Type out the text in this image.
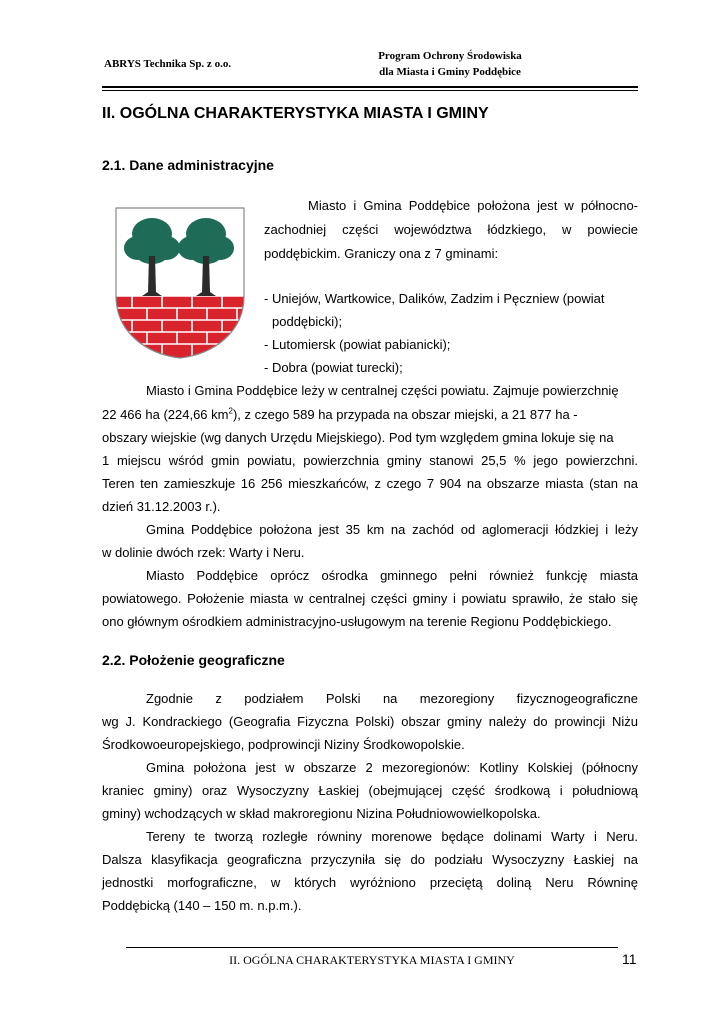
ABRYS Technika Sp. z o.o.
Program Ochrony Środowiska
dla Miasta i Gminy Poddębice
II. OGÓLNA CHARAKTERYSTYKA MIASTA I GMINY
2.1. Dane administracyjne
Miasto i Gmina Poddębice położona jest w północno-
zachodniej części województwa łódzkiego, w powiecie
poddębickim. Graniczy ona z 7 gminami:
- Uniejów, Wartkowice, Dalików, Zadzim i Pęczniew (powiat
poddębicki);
- Lutomiersk (powiat pabianicki);
- Dobra (powiat turecki);
Miasto i Gmina Poddębice leży w centralnej części powiatu. Zajmuje powierzchnię
22 466 ha (224,66 $km^2$), z czego 589 ha przypada na obszar miejski, a 21 877 ha -
obszary wiejskie (wg danych Urzędu Miejskiego). Pod tym względem gmina lokuje się na
1 miejscu wśród gmin powiatu, powierzchnia gminy stanowi 25,5 % jego powierzchni.
Teren ten zamieszkuje 16 256 mieszkańców, z czego 7 904 na obszarze miasta (stan na
dzień 31.12.2003 r.).
Gmina Poddębice położona jest 35 km na zachód od aglomeracji łódzkiej i leży
w dolinie dwóch rzek: Warty i Neru.
Miasto Poddębice oprócz ośrodka gminnego pełni również funkcję miasta
powiatowego. Położenie miasta w centralnej części gminy i powiatu sprawiło, że stało się
ono głównym ośrodkiem administracyjno-usługowym na terenie Regionu Poddębickiego.
2.2. Położenie geograficzne
Zgodnie z podziałem Polski na mezoregiony fizycznogeograficzne
wg J. Kondrackiego (Geografia Fizyczna Polski) obszar gminy należy do prowincji Niżu
Środkowoeuropejskiego, podprowincji Niziny Środkowopolskie.
Gmina położona jest w obszarze 2 mezoregionów: Kotliny Kolskiej (północny
kraniec gminy) oraz Wysoczyzny Łaskiej (obejmującej część środkową i południową
gminy) wchodzących w skład makroregionu Nizina Południowowielkopolska.
Tereny te tworzą rozległe równiny morenowe będące dolinami Warty i Neru.
Dalsza klasyfikacja geograficzna przyczyniła się do podziału Wysoczyzny Łaskiej na
jednostki morfograficzne, w których wyróżniono przeciętą doliną Neru Równinę
Poddębicką (140 – 150 m. n.p.m.).
II. OGÓLNA CHARAKTERYSTYKA MIASTA I GMINY	11
